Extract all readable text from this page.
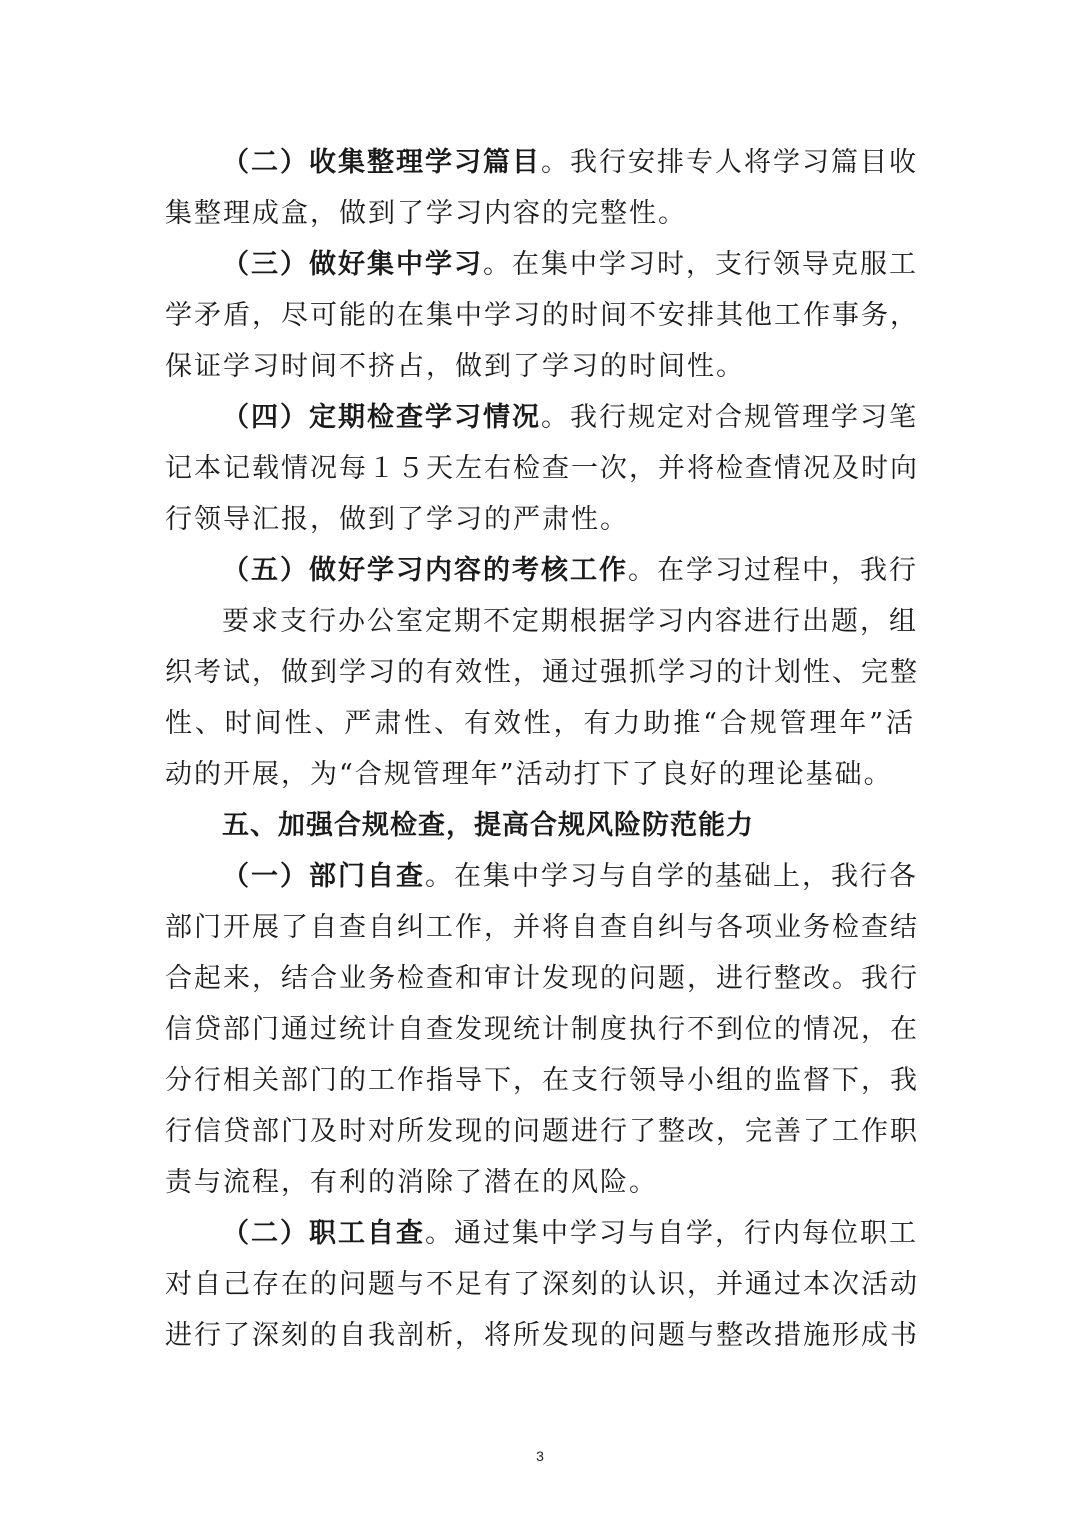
（二）收集整理学习篇目。我行安排专人将学习篇目收
集整理成盒，做到了学习内容的完整性。
（三）做好集中学习。在集中学习时，支行领导克服工
学矛盾，尽可能的在集中学习的时间不安排其他工作事务，
保证学习时间不挤占，做到了学习的时间性。
（四）定期检查学习情况。我行规定对合规管理学习笔
记本记载情况每１５天左右检查一次，并将检查情况及时向
行领导汇报，做到了学习的严肃性。
（五）做好学习内容的考核工作。在学习过程中，我行
要求支行办公室定期不定期根据学习内容进行出题，组
织考试，做到学习的有效性，通过强抓学习的计划性、完整
性、时间性、严肃性、有效性，有力助推“合规管理年”活
动的开展，为“合规管理年”活动打下了良好的理论基础。
五、加强合规检查，提高合规风险防范能力
（一）部门自查。在集中学习与自学的基础上，我行各
部门开展了自查自纠工作，并将自查自纠与各项业务检查结
合起来，结合业务检查和审计发现的问题，进行整改。我行
信贷部门通过统计自查发现统计制度执行不到位的情况，在
分行相关部门的工作指导下，在支行领导小组的监督下，我
行信贷部门及时对所发现的问题进行了整改，完善了工作职
责与流程，有利的消除了潜在的风险。
（二）职工自查。通过集中学习与自学，行内每位职工
对自己存在的问题与不足有了深刻的认识，并通过本次活动
进行了深刻的自我剖析，将所发现的问题与整改措施形成书
3
